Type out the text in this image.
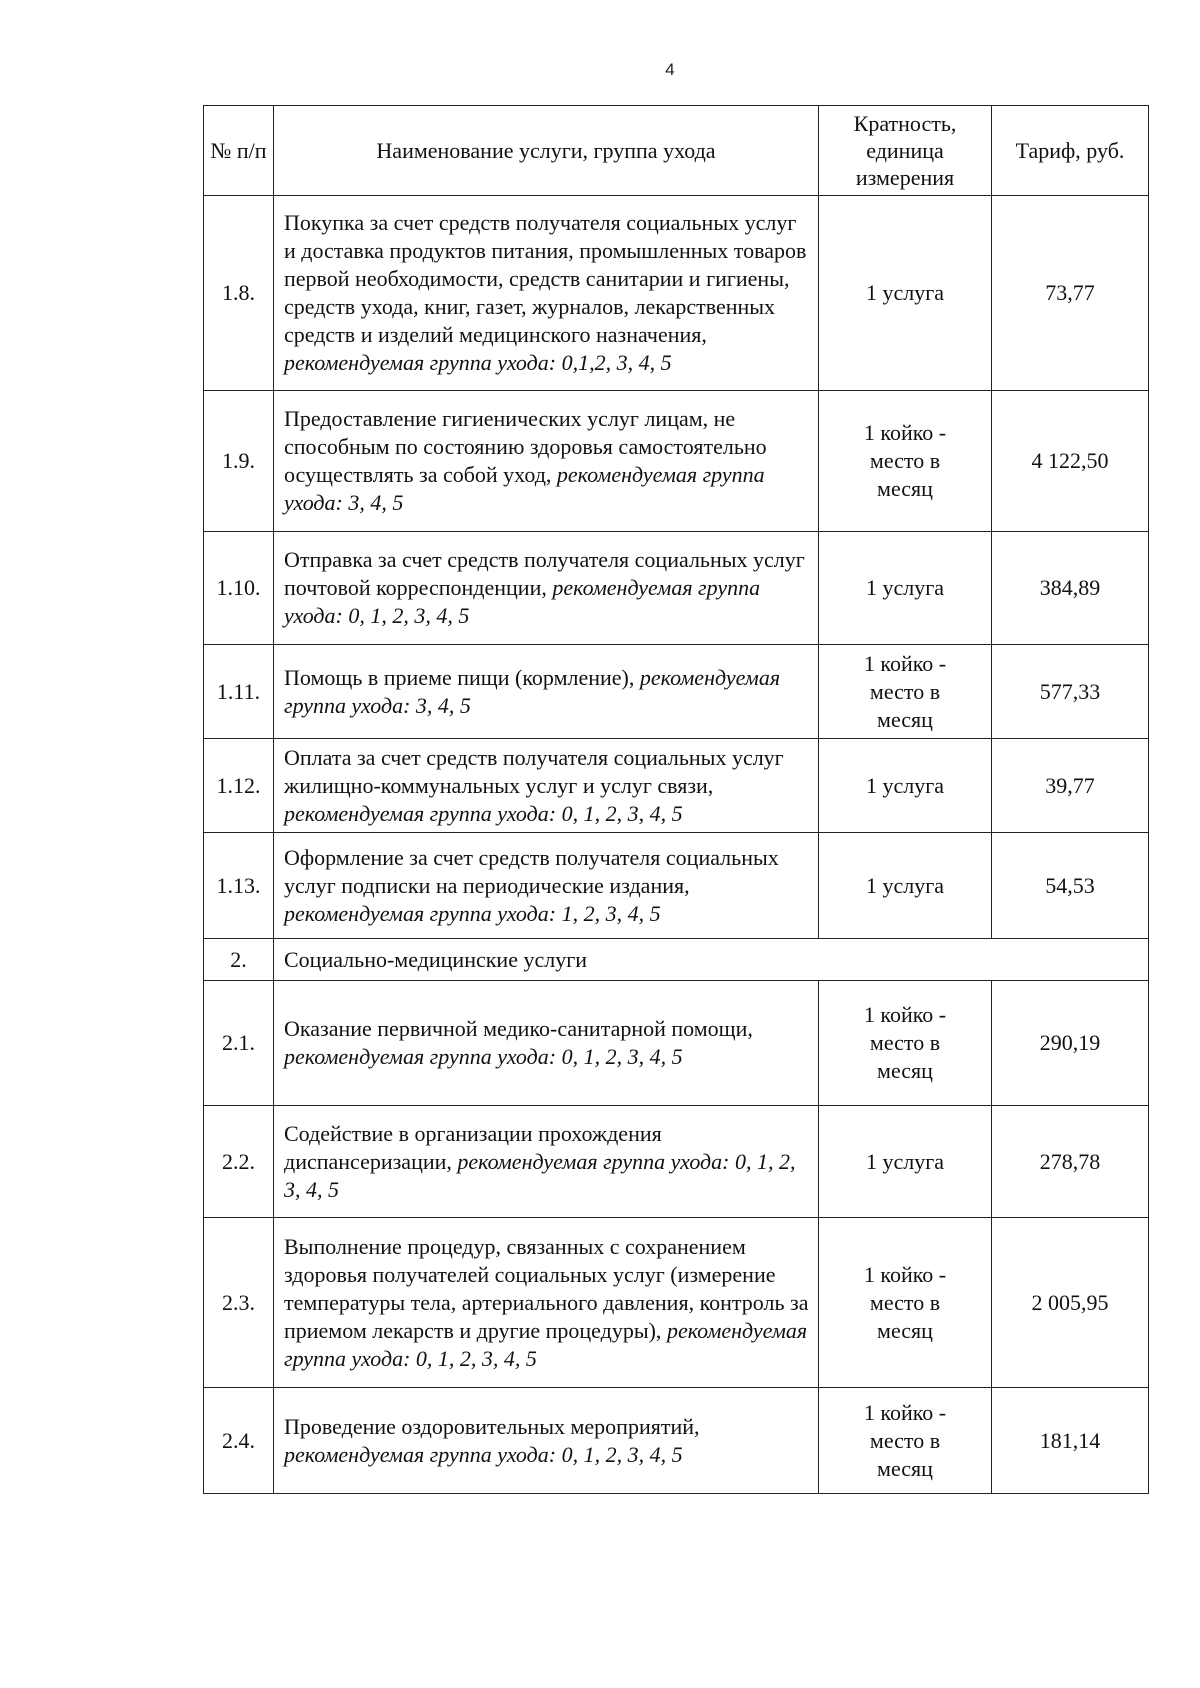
4
№ п/п	Наименование услуги, группа ухода	Кратность, единица измерения	Тариф, руб.
1.8.	Покупка за счет средств получателя социальных услуг и доставка продуктов питания, промышленных товаров первой необходимости, средств санитарии и гигиены, средств ухода, книг, газет, журналов, лекарственных средств и изделий медицинского назначения, рекомендуемая группа ухода: 0,1,2, 3, 4, 5	1 услуга	73,77
1.9.	Предоставление гигиенических услуг лицам, не способным по состоянию здоровья самостоятельно осуществлять за собой уход, рекомендуемая группа ухода: 3, 4, 5	1 койко - место в месяц	4 122,50
1.10.	Отправка за счет средств получателя социальных услуг почтовой корреспонденции, рекомендуемая группа ухода: 0, 1, 2, 3, 4, 5	1 услуга	384,89
1.11.	Помощь в приеме пищи (кормление), рекомендуемая группа ухода: 3, 4, 5	1 койко - место в месяц	577,33
1.12.	Оплата за счет средств получателя социальных услуг жилищно-коммунальных услуг и услуг связи, рекомендуемая группа ухода: 0, 1, 2, 3, 4, 5	1 услуга	39,77
1.13.	Оформление за счет средств получателя социальных услуг подписки на периодические издания, рекомендуемая группа ухода: 1, 2, 3, 4, 5	1 услуга	54,53
2.	Социально-медицинские услуги		
2.1.	Оказание первичной медико-санитарной помощи, рекомендуемая группа ухода: 0, 1, 2, 3, 4, 5	1 койко - место в месяц	290,19
2.2.	Содействие в организации прохождения диспансеризации, рекомендуемая группа ухода: 0, 1, 2, 3, 4, 5	1 услуга	278,78
2.3.	Выполнение процедур, связанных с сохранением здоровья получателей социальных услуг (измерение температуры тела, артериального давления, контроль за приемом лекарств и другие процедуры), рекомендуемая группа ухода: 0, 1, 2, 3, 4, 5	1 койко - место в месяц	2 005,95
2.4.	Проведение оздоровительных мероприятий, рекомендуемая группа ухода: 0, 1, 2, 3, 4, 5	1 койко - место в месяц	181,14
